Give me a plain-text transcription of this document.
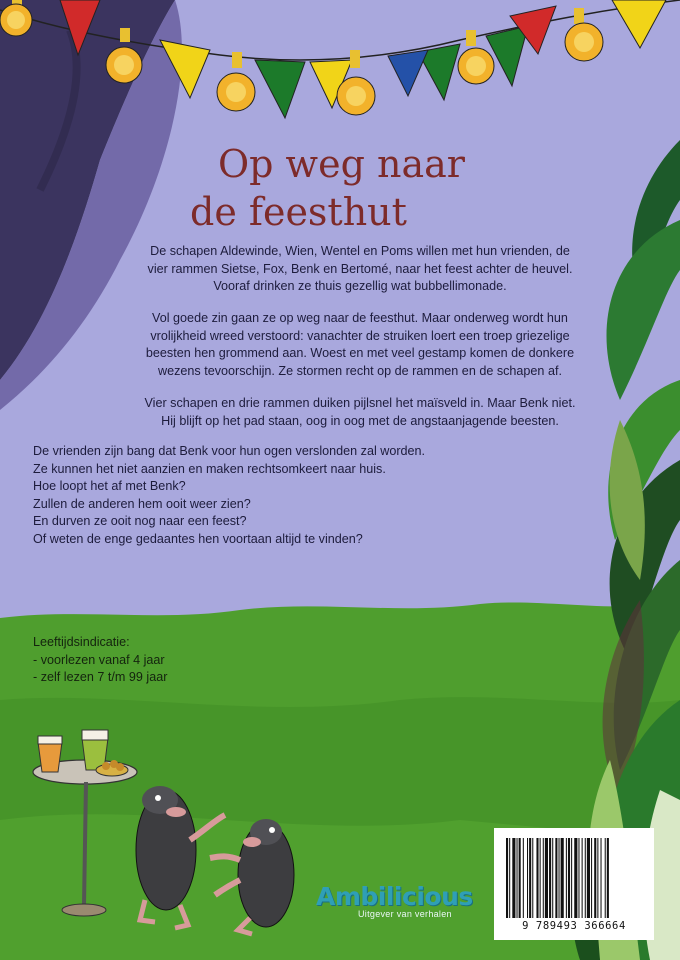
Op weg naar
de feesthut

De schapen Aldewinde, Wien, Wentel en Poms willen met hun vrienden, de vier rammen Sietse, Fox, Benk en Bertomé, naar het feest achter de heuvel. Vooraf drinken ze thuis gezellig wat bubbellimonade.

Vol goede zin gaan ze op weg naar de feesthut. Maar onderweg wordt hun vrolijkheid wreed verstoord: vanachter de struiken loert een troep griezelige beesten hen grommend aan. Woest en met veel gestamp komen de donkere wezens tevoorschijn. Ze stormen recht op de rammen en de schapen af.

Vier schapen en drie rammen duiken pijlsnel het maïsveld in. Maar Benk niet. Hij blijft op het pad staan, oog in oog met de angstaanjagende beesten.

De vrienden zijn bang dat Benk voor hun ogen verslonden zal worden.
Ze kunnen het niet aanzien en maken rechtsomkeert naar huis.
Hoe loopt het af met Benk?
Zullen de anderen hem ooit weer zien?
En durven ze ooit nog naar een feest?
Of weten de enge gedaantes hen voortaan altijd te vinden?
Leeftijdsindicatie:
- voorlezen vanaf 4 jaar
- zelf lezen 7 t/m 99 jaar
Ambilicious
Uitgever van verhalen
9 789493 366664
